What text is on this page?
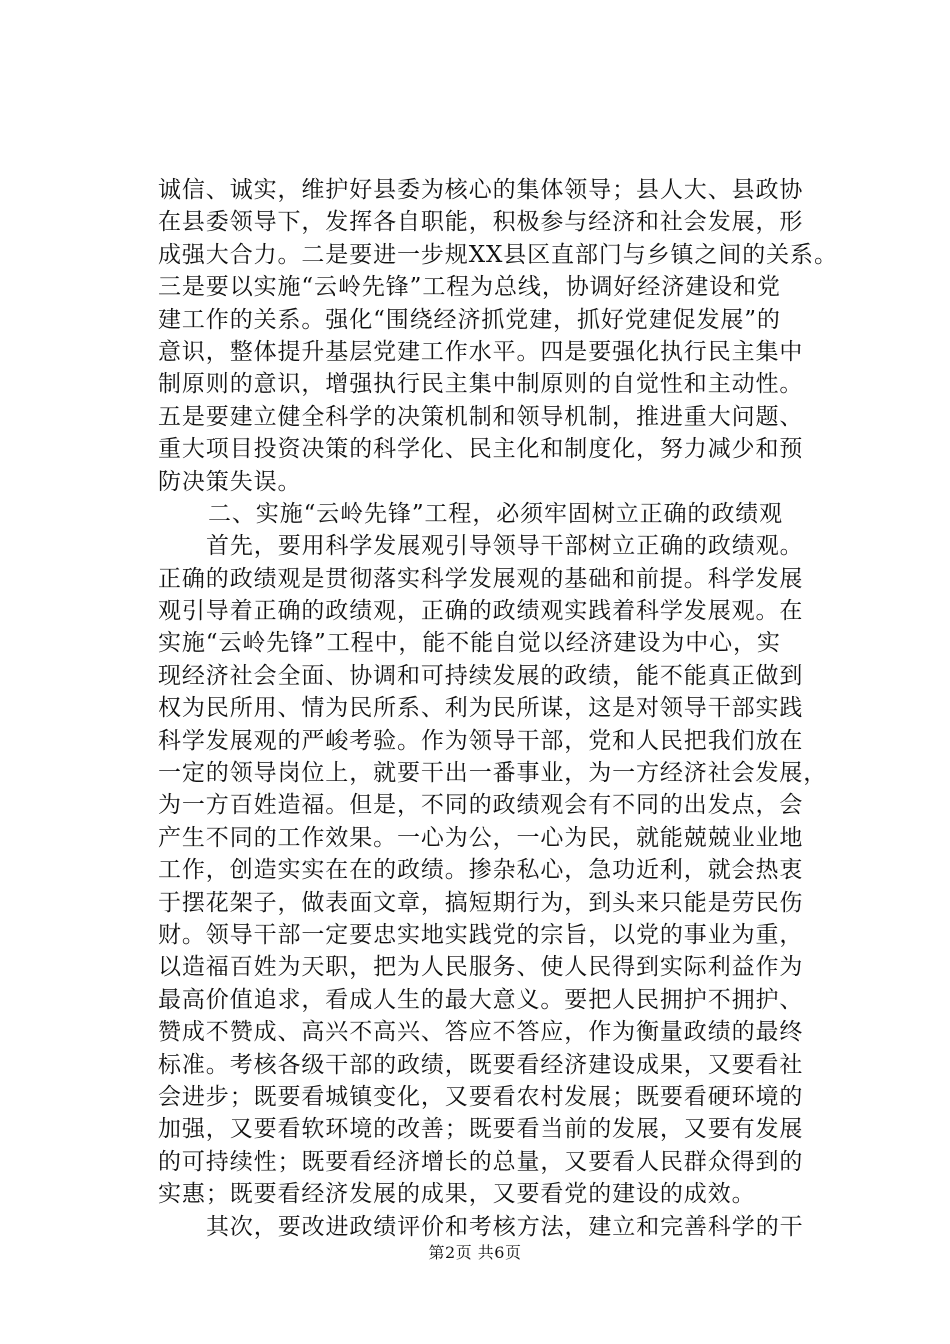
诚信、诚实，维护好县委为核心的集体领导；县人大、县政协
在县委领导下，发挥各自职能，积极参与经济和社会发展，形
成强大合力。二是要进一步规XX县区直部门与乡镇之间的关系。
三是要以实施“云岭先锋”工程为总线，协调好经济建设和党
建工作的关系。强化“围绕经济抓党建，抓好党建促发展”的
意识，整体提升基层党建工作水平。四是要强化执行民主集中
制原则的意识，增强执行民主集中制原则的自觉性和主动性。
五是要建立健全科学的决策机制和领导机制，推进重大问题、
重大项目投资决策的科学化、民主化和制度化，努力减少和预
防决策失误。
二、实施“云岭先锋”工程，必须牢固树立正确的政绩观
首先，要用科学发展观引导领导干部树立正确的政绩观。
正确的政绩观是贯彻落实科学发展观的基础和前提。科学发展
观引导着正确的政绩观，正确的政绩观实践着科学发展观。在
实施“云岭先锋”工程中，能不能自觉以经济建设为中心，实
现经济社会全面、协调和可持续发展的政绩，能不能真正做到
权为民所用、情为民所系、利为民所谋，这是对领导干部实践
科学发展观的严峻考验。作为领导干部，党和人民把我们放在
一定的领导岗位上，就要干出一番事业，为一方经济社会发展，
为一方百姓造福。但是，不同的政绩观会有不同的出发点，会
产生不同的工作效果。一心为公，一心为民，就能兢兢业业地
工作，创造实实在在的政绩。掺杂私心，急功近利，就会热衷
于摆花架子，做表面文章，搞短期行为，到头来只能是劳民伤
财。领导干部一定要忠实地实践党的宗旨，以党的事业为重，
以造福百姓为天职，把为人民服务、使人民得到实际利益作为
最高价值追求，看成人生的最大意义。要把人民拥护不拥护、
赞成不赞成、高兴不高兴、答应不答应，作为衡量政绩的最终
标准。考核各级干部的政绩，既要看经济建设成果，又要看社
会进步；既要看城镇变化，又要看农村发展；既要看硬环境的
加强，又要看软环境的改善；既要看当前的发展，又要有发展
的可持续性；既要看经济增长的总量，又要看人民群众得到的
实惠；既要看经济发展的成果，又要看党的建设的成效。
其次，要改进政绩评价和考核方法，建立和完善科学的干
第2页 共6页
